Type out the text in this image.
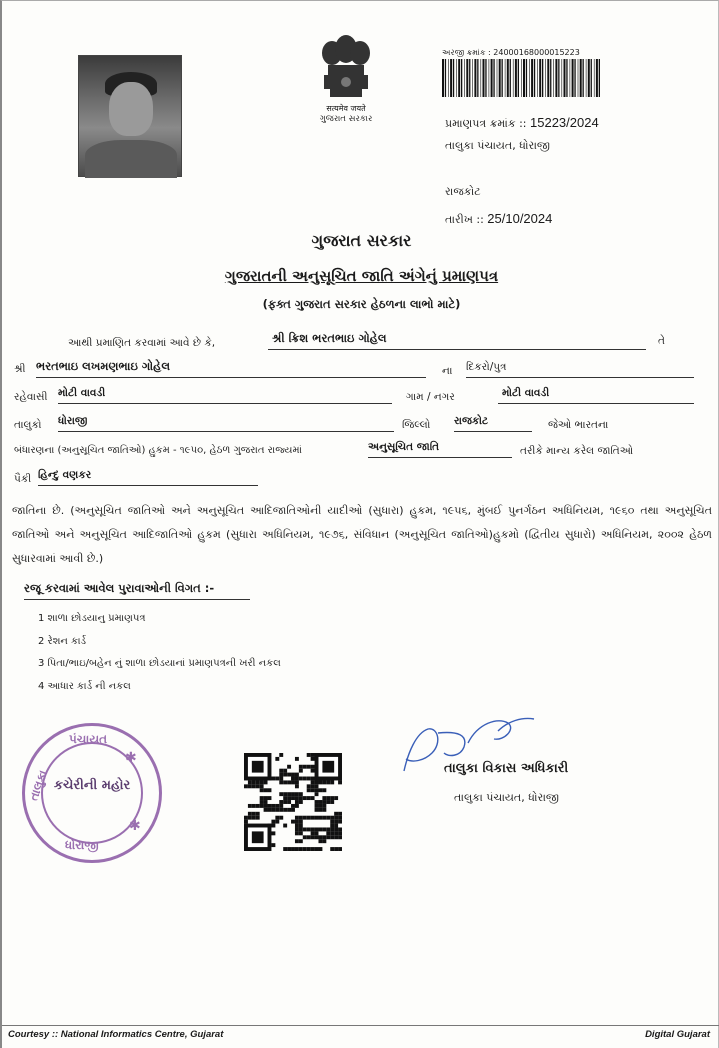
सत्यमेव जयते
ગુજરાત સરકાર
અરજી ક્રમાંક : 24000168000015223
પ્રમાણપત્ર ક્રમાંક :: 15223/2024
તાલુકા પંચાયત, ધોરાજી
રાજકોટ
તારીખ :: 25/10/2024
ગુજરાત સરકાર
ગુજરાતની અનુસૂચિત જાતિ અંગેનું પ્રમાણપત્ર
(ફક્ત ગુજરાત સરકાર હેઠળના લાભો માટે)
આથી પ્રમાણિત કરવામાં આવે છે કે,	શ્રી ક્રિશ ભરતભાઇ ગોહેલ	તે
શ્રી ભરતભાઇ લખમણભાઇ ગોહેલ	ના દિકરો/પુત્ર
રહેવાસી મોટી વાવડી	ગામ / નગર	મોટી વાવડી
તાલુકો ધોરાજી	જિલ્લો રાજકોટ	જેઓ ભારતના
બંધારણના (અનુસૂચિત જાતિઓ) હુકમ - ૧૯૫૦, હેઠળ ગુજરાત રાજ્યમાં	અનુસૂચિત જાતિ	તરીકે માન્ય કરેલ જાતિઓ
પૈકી હિન્દુ વણકર
જાતિના છે. (અનુસૂચિત જાતિઓ અને અનુસૂચિત આદિજાતિઓની યાદીઓ (સુધારા) હુકમ, ૧૯૫૬, મુંબઈ પુનર્ગઠન અધિનિયમ, ૧૯૬૦ તથા અનુસૂચિત જાતિઓ અને અનુસૂચિત આદિજાતિઓ હુકમ (સુધારા અધિનિયમ, ૧૯૭૬, સંવિધાન (અનુસૂચિત જાતિઓ)હુકમો (દ્વિતીય સુધારો) અધિનિયમ, ૨૦૦૨ હેઠળ સુધારવામાં આવી છે.)
રજૂ કરવામાં આવેલ પુરાવાઓની વિગત :-
1 શાળા છોડયાનુ પ્રમાણપત્ર
2 રેશન કાર્ડ
3 પિતા/ભાઇ/બહેન નું શાળા છોડયાનાં પ્રમાણપત્રની ખરી નકલ
4 આધાર કાર્ડ ની નકલ
પંચાયત
તાલુકા
ધોરાજી
કચેરીની મહોર
✱
✱
તાલુકા વિકાસ અધિકારી
તાલુકા પંચાયત, ધોરાજી
Courtesy :: National Informatics Centre, Gujarat	Digital Gujarat
